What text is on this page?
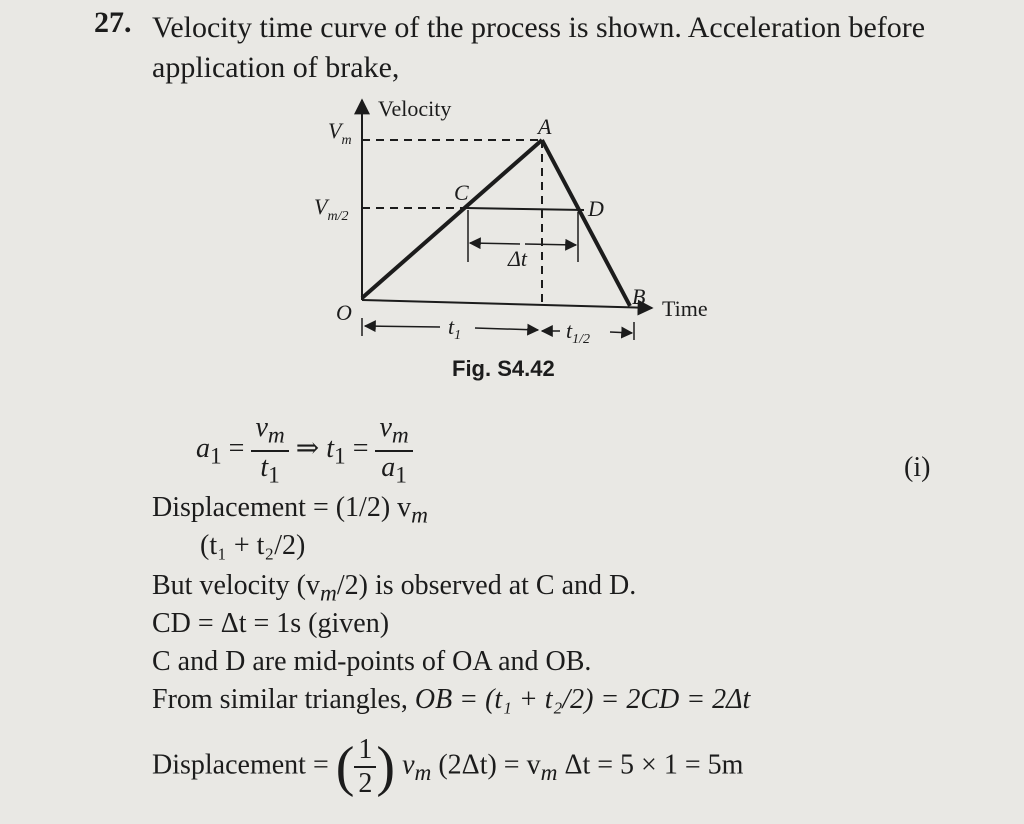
27. Velocity time curve of the process is shown. Acceleration before
application of brake,
Velocity
Time
$V_m$
$V_{m/2}$
A
C
D
B
O
Δt
$t_1$	$t_{1/2}$
Fig. S4.42
$a_1 = \frac{v_m}{t_1}$ ⇒ $t_1 = \frac{v_m}{a_1}$	(i)
Displacement = (1/2) $v_m$
(t₁ + t₂/2)
But velocity $(v_m/2)$ is observed at C and D.
CD = Δt = 1s (given)
C and D are mid-points of OA and OB.
From similar triangles, OB = (t₁ + t₂/2) = 2CD = 2Δt
Displacement = ( $\frac{1}{2}$ ) $v_m$ $(2\Delta t) = v_m$ Δt = 5 × 1 = 5m
